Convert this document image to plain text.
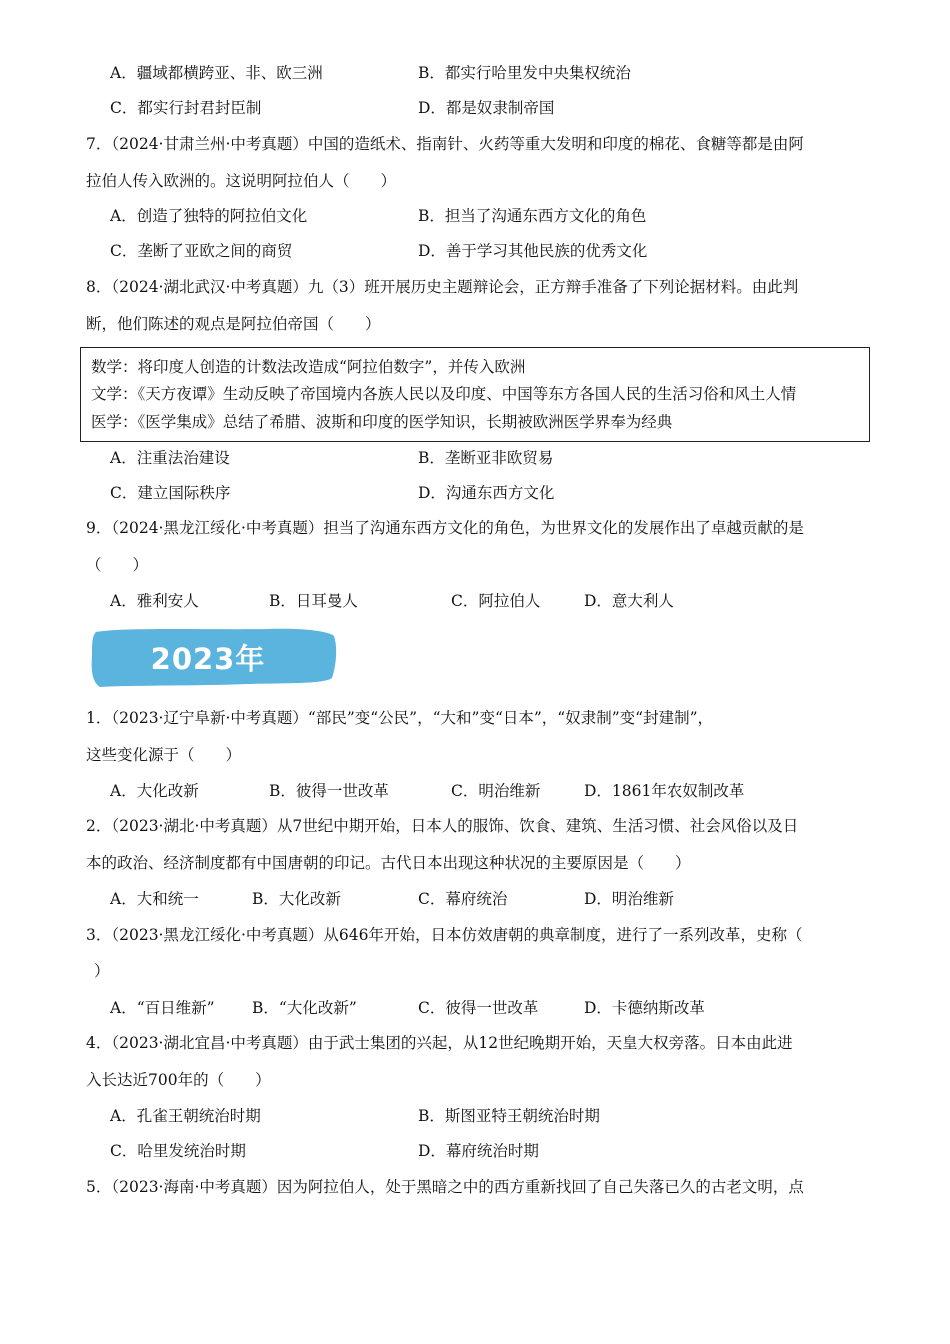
A．疆域都横跨亚、非、欧三洲	B．都实行哈里发中央集权统治
C．都实行封君封臣制	D．都是奴隶制帝国
7．（2024·甘肃兰州·中考真题）中国的造纸术、指南针、火药等重大发明和印度的棉花、食糖等都是由阿
拉伯人传入欧洲的。这说明阿拉伯人（　　）
A．创造了独特的阿拉伯文化	B．担当了沟通东西方文化的角色
C．垄断了亚欧之间的商贸	D．善于学习其他民族的优秀文化
8．（2024·湖北武汉·中考真题）九（3）班开展历史主题辩论会，正方辩手准备了下列论据材料。由此判
断，他们陈述的观点是阿拉伯帝国（　　）
数学：将印度人创造的计数法改造成“阿拉伯数字”，并传入欧洲
文学：《天方夜谭》生动反映了帝国境内各族人民以及印度、中国等东方各国人民的生活习俗和风土人情
医学：《医学集成》总结了希腊、波斯和印度的医学知识，长期被欧洲医学界奉为经典
A．注重法治建设	B．垄断亚非欧贸易
C．建立国际秩序	D．沟通东西方文化
9．（2024·黑龙江绥化·中考真题）担当了沟通东西方文化的角色，为世界文化的发展作出了卓越贡献的是
（　　）
A．雅利安人	B．日耳曼人	C．阿拉伯人	D．意大利人
2023年
1．（2023·辽宁阜新·中考真题）“部民”变“公民”，“大和”变“日本”，“奴隶制”变“封建制”，
这些变化源于（　　）
A．大化改新	B．彼得一世改革	C．明治维新	D．1861年农奴制改革
2．（2023·湖北·中考真题）从7世纪中期开始，日本人的服饰、饮食、建筑、生活习惯、社会风俗以及日
本的政治、经济制度都有中国唐朝的印记。古代日本出现这种状况的主要原因是（　　）
A．大和统一	B．大化改新	C．幕府统治	D．明治维新
3．（2023·黑龙江绥化·中考真题）从646年开始，日本仿效唐朝的典章制度，进行了一系列改革，史称（
）
A．“百日维新” B．“大化改新”	C．彼得一世改革	D．卡德纳斯改革
4．（2023·湖北宜昌·中考真题）由于武士集团的兴起，从12世纪晚期开始，天皇大权旁落。日本由此进
入长达近700年的（　　）
A．孔雀王朝统治时期	B．斯图亚特王朝统治时期
C．哈里发统治时期	D．幕府统治时期
5．（2023·海南·中考真题）因为阿拉伯人，处于黑暗之中的西方重新找回了自己失落已久的古老文明，点
